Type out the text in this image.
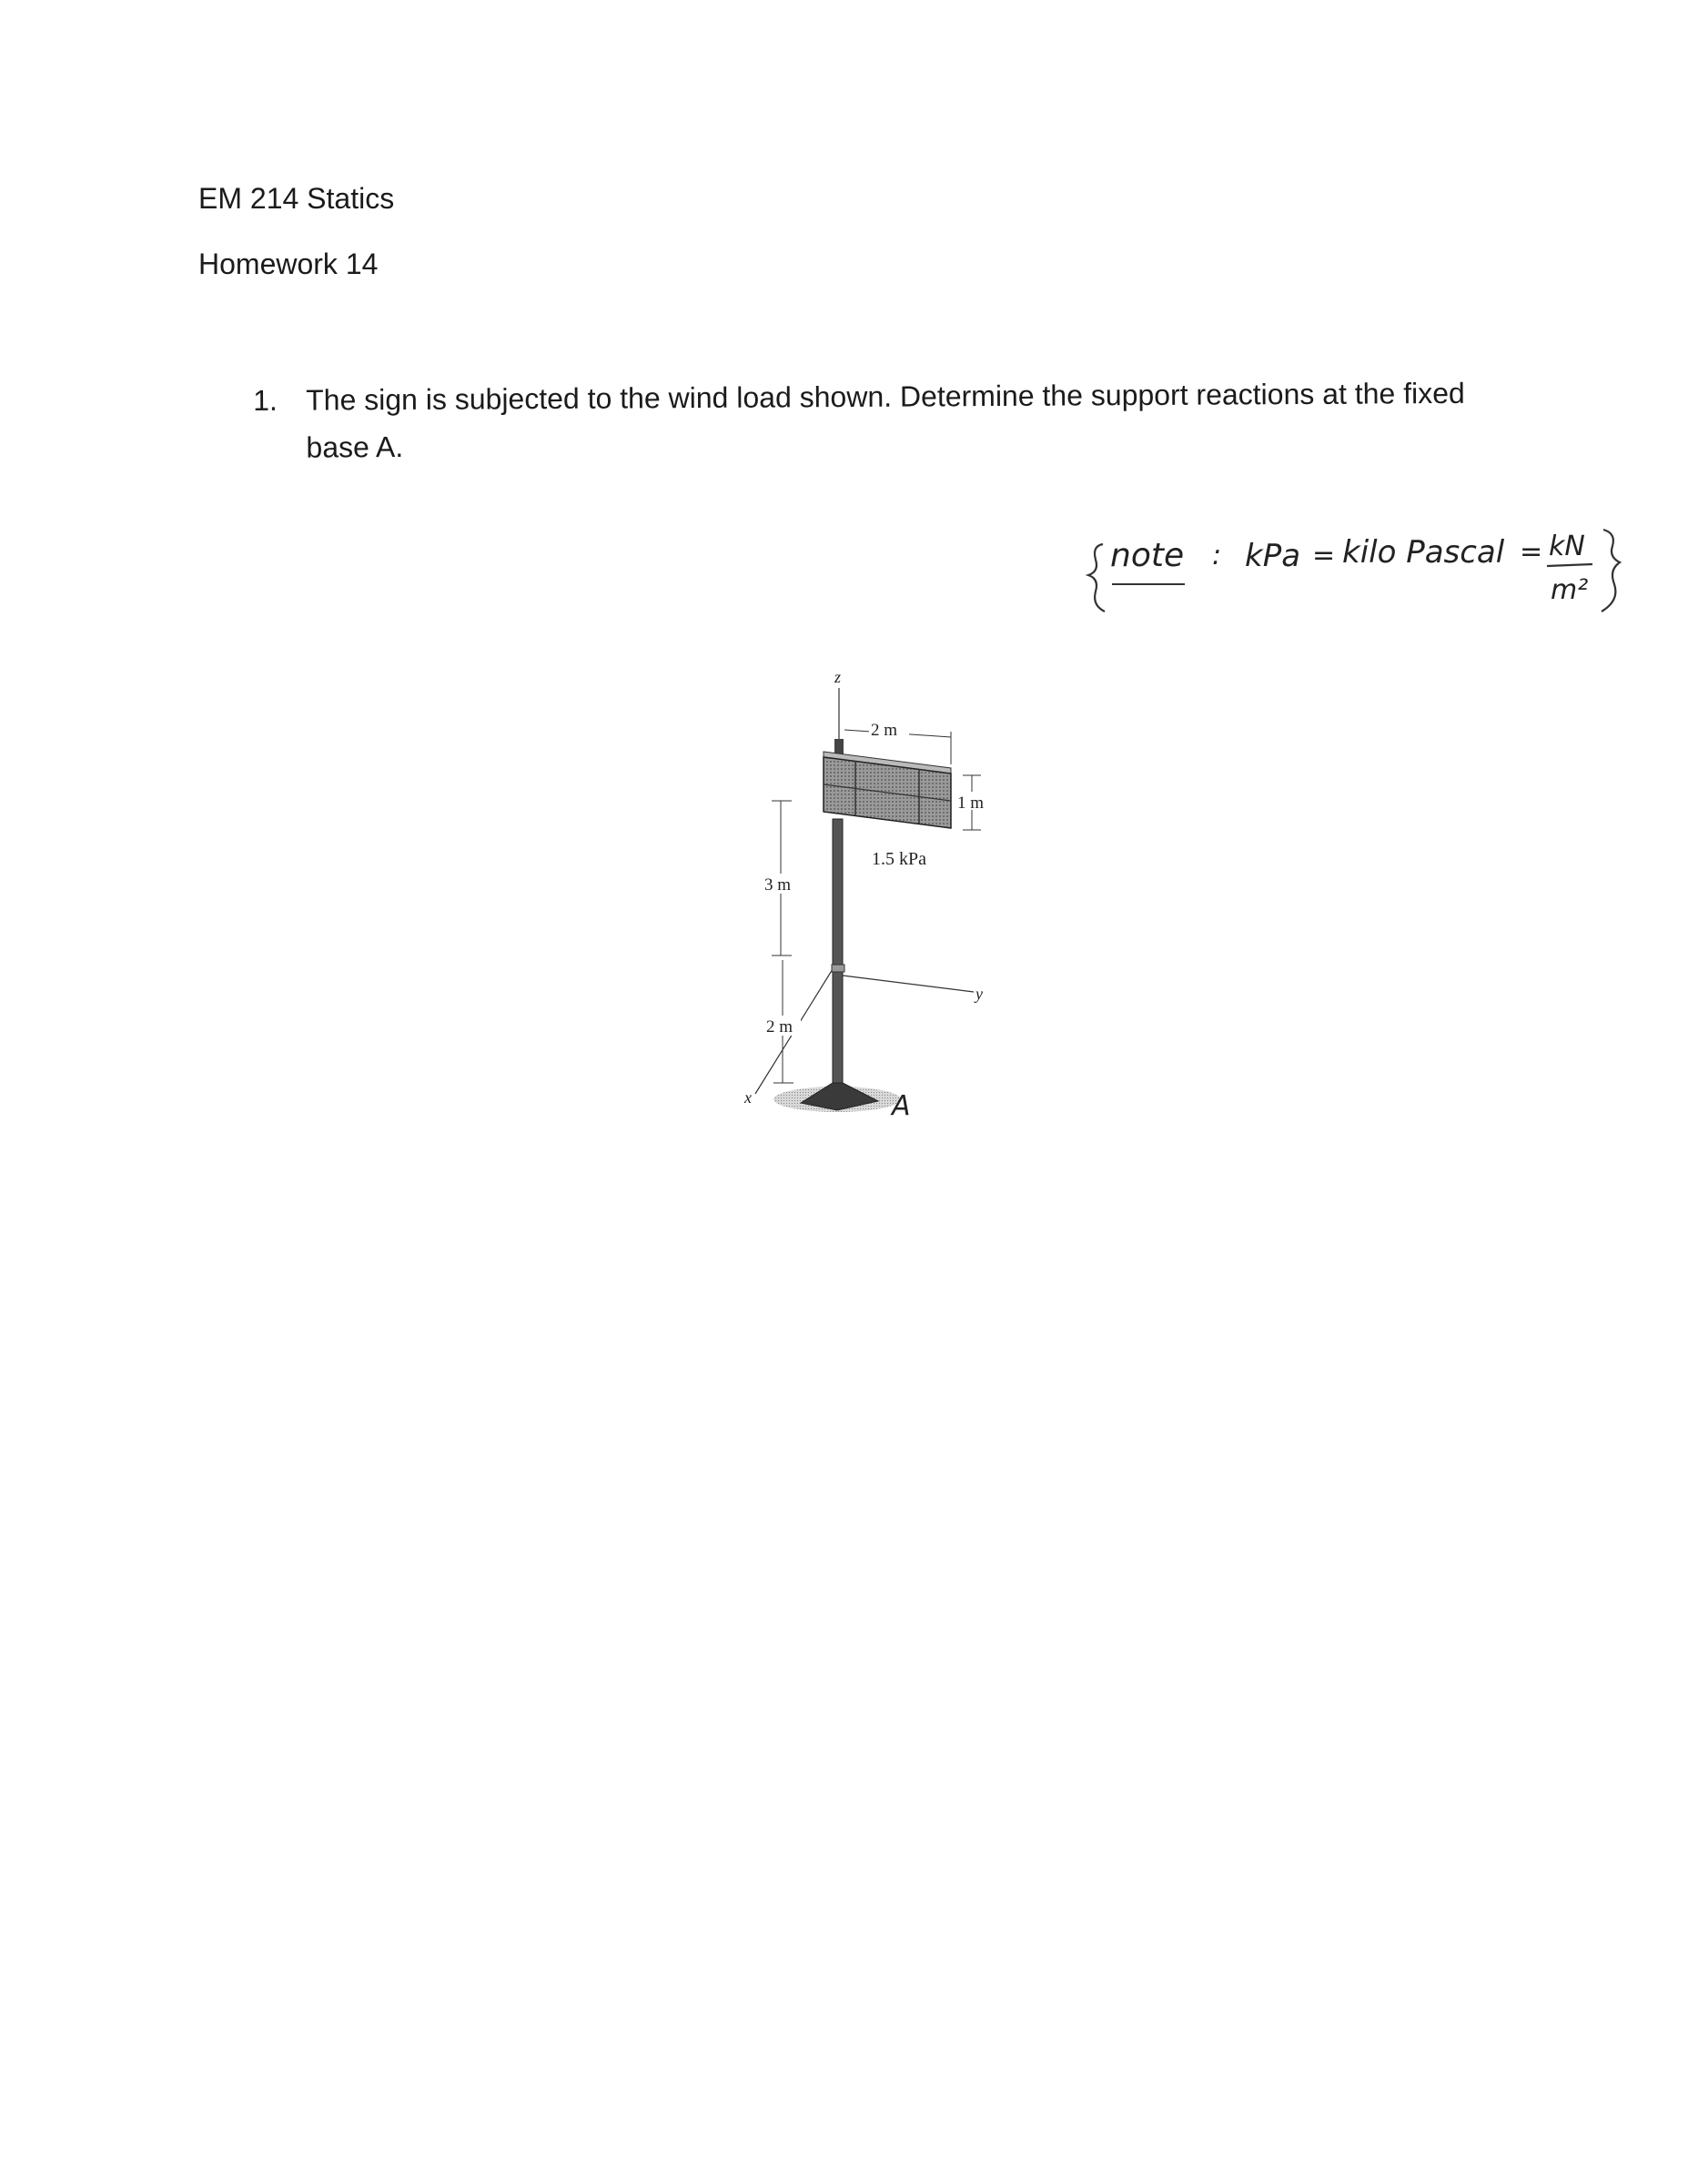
EM 214 Statics
Homework 14
1. The sign is subjected to the wind load shown. Determine the support reactions at the fixed base A.
note : kPa = kilo Pascal = kN
m²
z
2 m
1 m
1.5 kPa
3 m
y
x
2 m
A
